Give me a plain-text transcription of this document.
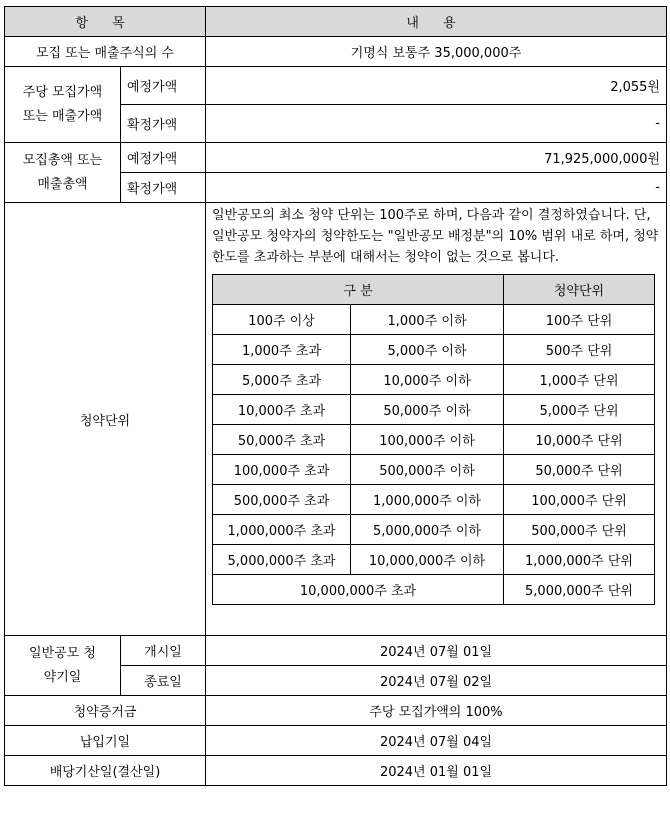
항 목	내 용
모집 또는 매출주식의 수	기명식 보통주 35,000,000주
주당 모집가액 또는 매출가액	예정가액	2,055원
확정가액	-
모집총액 또는 매출총액	예정가액	71,925,000,000원
확정가액	-
청약단위	
일반공모의 최소 청약 단위는 100주로 하며, 다음과 같이 결정하였습니다. 단, 일반공모 청약자의 청약한도는 "일반공모 배정분"의 10% 범위 내로 하며, 청약한도를 초과하는 부분에 대해서는 청약이 없는 것으로 봅니다.
구 분	청약단위
100주 이상	1,000주 이하	100주 단위
1,000주 초과	5,000주 이하	500주 단위
5,000주 초과	10,000주 이하	1,000주 단위
10,000주 초과	50,000주 이하	5,000주 단위
50,000주 초과	100,000주 이하	10,000주 단위
100,000주 초과	500,000주 이하	50,000주 단위
500,000주 초과	1,000,000주 이하	100,000주 단위
1,000,000주 초과	5,000,000주 이하	500,000주 단위
5,000,000주 초과	10,000,000주 이하	1,000,000주 단위
10,000,000주 초과	5,000,000주 단위

일반공모 청약기일	개시일	2024년 07월 01일
종료일	2024년 07월 02일
청약증거금	주당 모집가액의 100%
납입기일	2024년 07월 04일
배당기산일(결산일)	2024년 01월 01일
